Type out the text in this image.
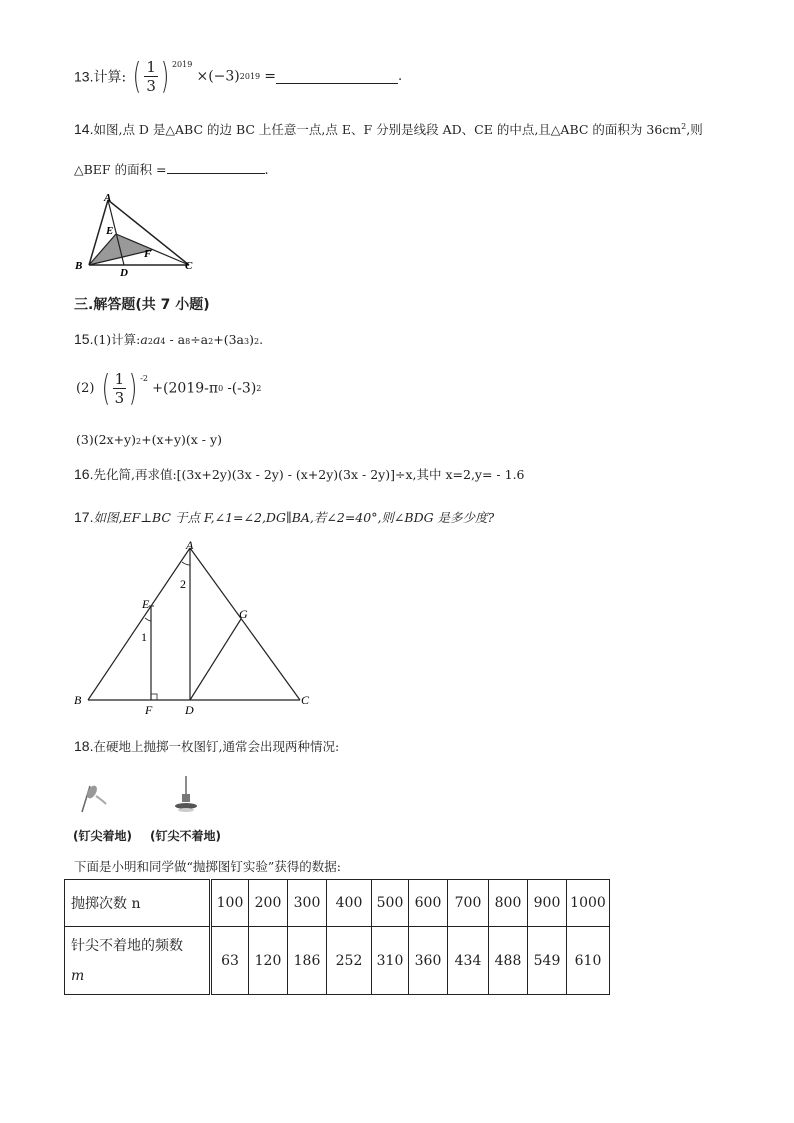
13.计算: ( $\frac{1}{3}$ ) $^{2019}$ ×(−3)2019 =	.
14.如图,点 D 是△ABC 的边 BC 上任意一点,点 E、F 分别是线段 AD、CE 的中点,且△ABC 的面积为 $36cm^2$,则
△BEF 的面积 =	.
A
E
B
D
F
C
三.解答题(共 7 小题)
15.(1)计算:a2a4 - a8÷a2+(3a3)2.
(2) ( $\frac{1}{3}$ ) $^{-2}$ +(2019-π0 -(-3)2
(3)(2x+y)2+(x+y)(x - y)
16.先化简,再求值:[(3x+2y)(3x - 2y) - (x+2y)(3x - 2y)]÷x,其中 x=2,y= - 1.6
17.如图,EF⊥BC 于点 F,∠1=∠2,DG∥BA,若∠2=40°,则∠BDG 是多少度?
A
2
E
1
G
B
F	D
C
18.在硬地上抛掷一枚图钉,通常会出现两种情况:
(钉尖着地) (钉尖不着地)
下面是小明和同学做“抛掷图钉实验”获得的数据:
抛掷次数 n	100	200	300	400	500	600	700	800	900	1000

针尖不着地的频数
m	63	120	186	252	310	360	434	488	549	610
